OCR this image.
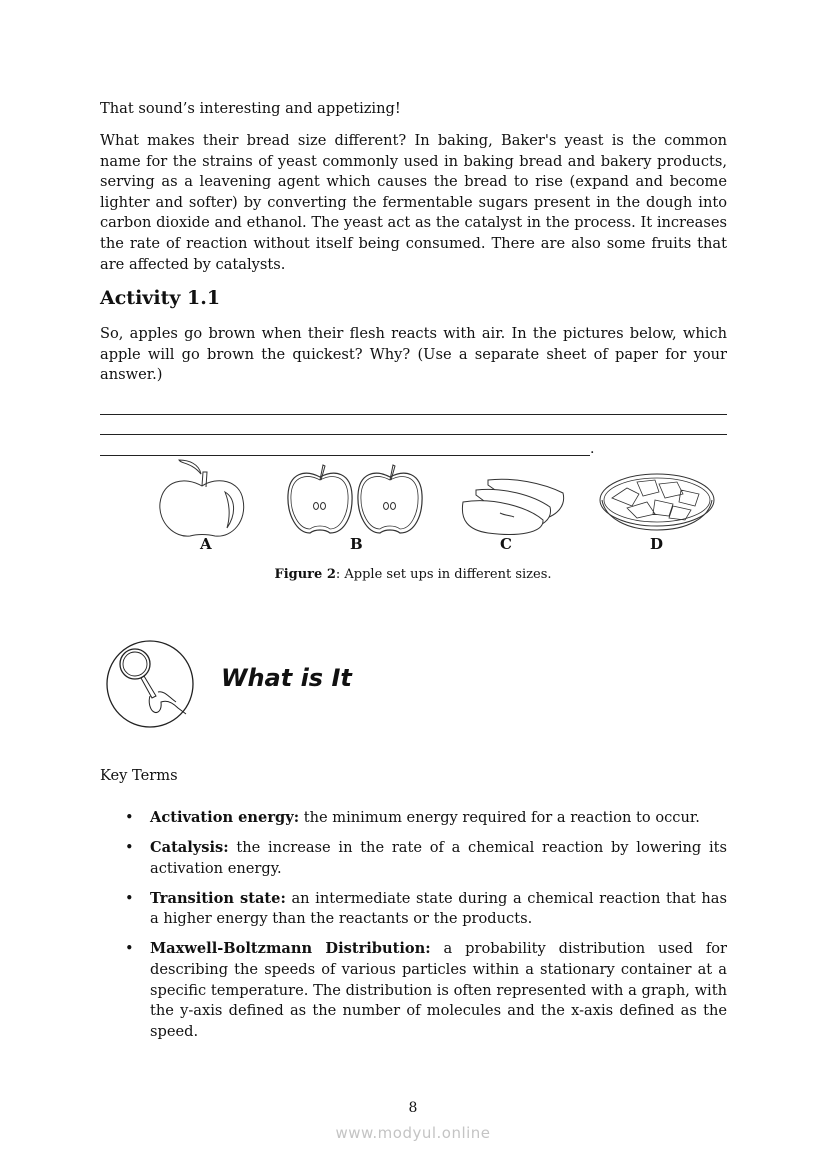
That sound’s interesting and appetizing!

What makes their bread size different? In baking, Baker's yeast is the common name for the strains of yeast commonly used in baking bread and bakery products, serving as a leavening agent which causes the bread to rise (expand and become lighter and softer) by converting the fermentable sugars present in the dough into carbon dioxide and ethanol. The yeast act as the catalyst in the process. It increases the rate of reaction without itself being consumed. There are also some fruits that are affected by catalysts.

Activity 1.1

So, apples go brown when their flesh reacts with air. In the pictures below, which apple will go brown the quickest? Why? (Use a separate sheet of paper for your answer.)

.
A	B	C	D
Figure 2: Apple set ups in different sizes.
What is It
Key Terms
• Activation energy: the minimum energy required for a reaction to occur.
• Catalysis: the increase in the rate of a chemical reaction by lowering its activation energy.
• Transition state: an intermediate state during a chemical reaction that has a higher energy than the reactants or the products.
• Maxwell-Boltzmann Distribution: a probability distribution used for describing the speeds of various particles within a stationary container at a specific temperature. The distribution is often represented with a graph, with the y-axis defined as the number of molecules and the x-axis defined as the speed.
8
www.modyul.online
